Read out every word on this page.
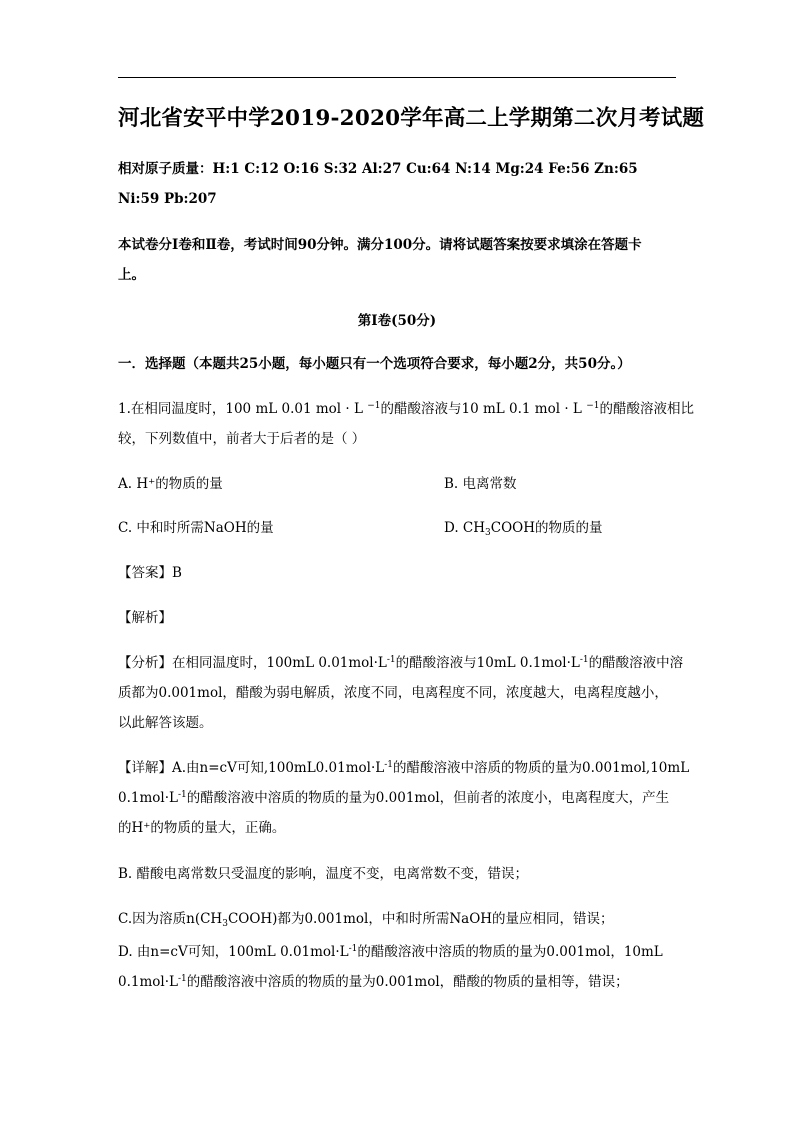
河北省安平中学2019-2020学年高二上学期第二次月考试题
相对原子质量：H:1 C:12 O:16 S:32 Al:27 Cu:64 N:14 Mg:24 Fe:56 Zn:65
Ni:59 Pb:207
本试卷分Ⅰ卷和Ⅱ卷，考试时间90分钟。满分100分。请将试题答案按要求填涂在答题卡
上。
第Ⅰ卷(50分)
一．选择题（本题共25小题，每小题只有一个选项符合要求，每小题2分，共50分。）
1.在相同温度时，100 mL 0.01 mol · L $^{-1}$的醋酸溶液与10 mL 0.1 mol · L $^{-1}$的醋酸溶液相比
较，下列数值中，前者大于后者的是（ ）
A. H⁺的物质的量	B. 电离常数
C. 中和时所需NaOH的量	D. $CH_3COOH$的物质的量
【答案】B
【解析】
【分析】在相同温度时，100mL $0.01mol\cdot L^{-1}$的醋酸溶液与10mL $0.1mol\cdot L^{-1}$的醋酸溶液中溶
质都为0.001mol，醋酸为弱电解质，浓度不同，电离程度不同，浓度越大，电离程度越小，
以此解答该题。
【详解】A.由n=cV可知$,100mL0.01mol\cdot L^{-1}$的醋酸溶液中溶质的物质的量为0.001mol,10mL
$0.1mol\cdot L^{-1}$的醋酸溶液中溶质的物质的量为0.001mol，但前者的浓度小，电离程度大，产生
的H⁺的物质的量大，正确。
B. 醋酸电离常数只受温度的影响，温度不变，电离常数不变，错误；
C.因为溶质$n(CH_3COOH)$都为0.001mol，中和时所需NaOH的量应相同，错误；
D. 由n=cV可知，100mL $0.01mol\cdot L^{-1}$的醋酸溶液中溶质的物质的量为0.001mol，10mL
$0.1mol\cdot L^{-1}$的醋酸溶液中溶质的物质的量为0.001mol，醋酸的物质的量相等，错误；
